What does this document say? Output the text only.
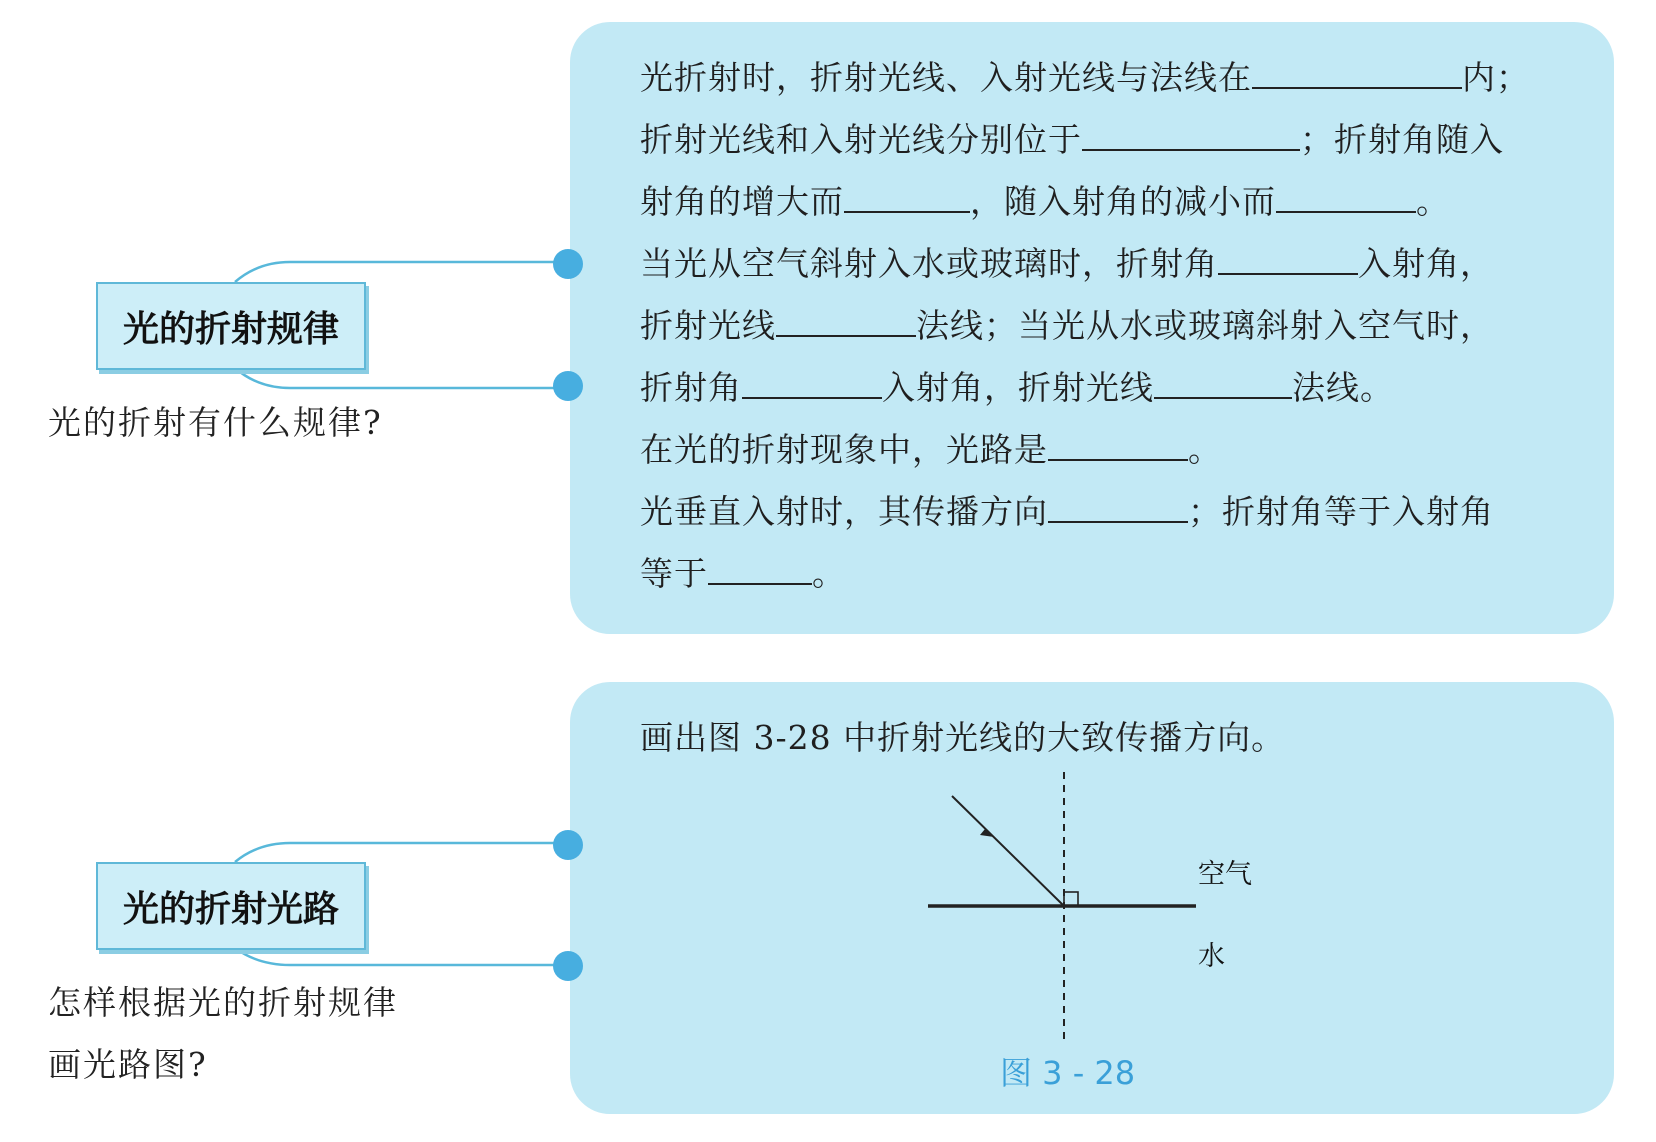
光的折射规律
光的折射有什么规律?
光的折射光路
怎样根据光的折射规律画光路图?
光折射时，折射光线、入射光线与法线在	内；
折射光线和入射光线分别位于	；折射角随入
射角的增大而	，随入射角的减小而	。
当光从空气斜射入水或玻璃时，折射角	入射角，
折射光线	法线；当光从水或玻璃斜射入空气时，
折射角	入射角，折射光线	法线。
在光的折射现象中，光路是	。
光垂直入射时，其传播方向	；折射角等于入射角
等于	。
画出图 3-28 中折射光线的大致传播方向。
空气
水
图 3 - 28
